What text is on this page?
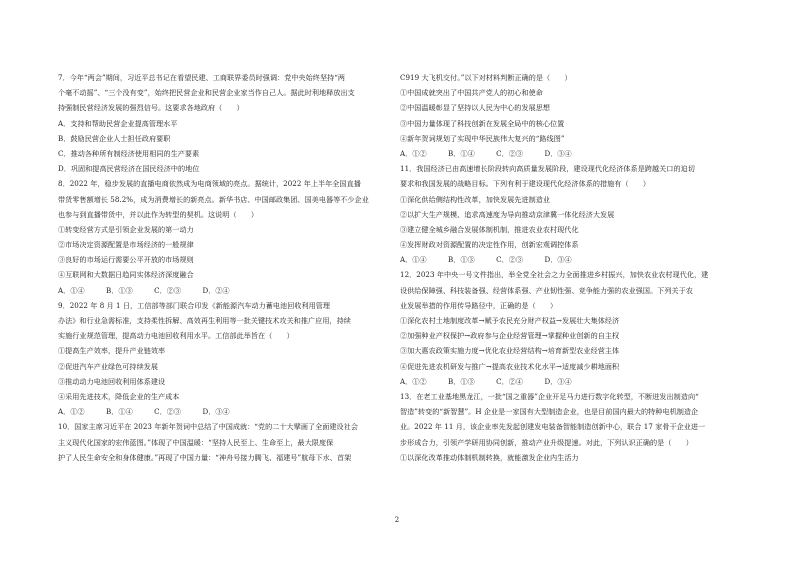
7．今年“两会”期间，习近平总书记在看望民建、工商联界委员时强调：党中央始终坚持“两
个毫不动摇”、“三个没有变”，始终把民营企业和民营企业家当作自己人。据此时利地释放出支
持强制民营经济发展的强烈信号。这要求各地政府（　　）
A．支持和帮助民营企业提高管理水平
B．鼓励民营企业人士担任政府要职
C．推动各种所有制经济使用相同的生产要素
D．巩固和提高民营经济在国民经济中的地位
8．2022 年，稳步发展的直播电商依然成为电商领域的亮点。据统计，2022 年上半年全国直播
带货零售额增长 58.2%，成为消费增长的新亮点。新华书店、中国邮政集团、国美电器等不少企业
也参与到直播带货中，并以此作为转型的契机。这说明（　　）
①转变经营方式是引领企业发展的第一动力
②市场决定资源配置是市场经济的一般规律
③良好的市场运行需要公平开放的市场规则
④互联网和大数据日趋同实体经济深度融合
A．①④　　　B．①③　　　C．②③　　　D．②④
9．2022 年 8 月 1 日，工信部等部门联合印发《新能源汽车动力蓄电池回收利用管理
办法》和行业急需标准，支持柔性拆解、高效再生利用等一批关键技术攻关和推广应用，持续
实施行业规范管理，提高动力电池回收利用水平。工信部此举旨在（　　）
①提高生产效率，提升产业链效率
②促进汽车产业绿色可持续发展
③推动动力电池回收利用体系建设
④采用先进技术，降低企业的生产成本
A．①②　　　B．①④　　　C．②③　　　D．③④
10．国家主席习近平在 2023 年新年贺词中总结了中国成就：“党的二十大擘画了全面建设社会
主义现代化国家的宏伟蓝图。”体现了中国温暖：“坚持人民至上、生命至上，最大限度保
护了人民生命安全和身体健康。”再现了中国力量：“神舟号接力腾飞、福建号”航母下水、首架
C919 大飞机交付。”以下对材料判断正确的是（　　）
①中国成就突出了中国共产党人的初心和使命
②中国温暖彰显了坚持以人民为中心的发展思想
③中国力量体现了科技创新在发展全局中的核心位置
④新年贺词规划了实现中华民族伟大复兴的“路线图”
A．①②　　　B．①④　　　C．②③　　　D．③④
11．我国经济已由高速增长阶段转向高质量发展阶段，建设现代化经济体系是跨越关口的迫切
要求和我国发展的战略目标。下列有利于建设现代化经济体系的措施有（　　）
①深化供给侧结构性改革，加快发展先进制造业
②以扩大生产规模、追求高速度为导向推动京津冀一体化经济大发展
③建立健全城乡融合发展体制机制，推进农业农村现代化
④发挥财政对资源配置的决定性作用，创新宏观调控体系
A．①④　　　B．①③　　　C．②③　　　D．③④
12．2023 年中央一号文件指出，举全党全社会之力全面推进乡村振兴，加快农业农村现代化，建
设供给保障强、科技装备强、经营体系强、产业韧性强、竞争能力强的农业强国。下列关于农
业发展举措的作用传导路径中，正确的是（　　）
①深化农村土地制度改革→赋予农民充分财产权益→发展壮大集体经济
②加强种业产权保护→政府参与企业经营管理→掌握种业创新的自主权
③加大惠农政策实施力度→优化农业经营结构→培育新型农业经营主体
④促进先进农机研发与推广→提高农业技术化水平→适度减少耕地面积
A．①②　　　B．①③　　　C．②④　　　D．③④
13．在老工业基地黑龙江，一批“国之重器”企业开足马力进行数字化转型，不断迸发出制造向“
智造”转变的“新智慧”。H 企业是一家国有大型制造企业，也是目前国内最大的特种电机制造企
业。2022 年 11 月，该企业率先发起创建发电装备智能制造创新中心，联合 17 家骨干企业进一
步形成合力，引领产学研用协同创新，推动产业升级提速。对此，下列认识正确的是（　　）
①以深化改革推动体制机制转换，就能激发企业内生活力
2
